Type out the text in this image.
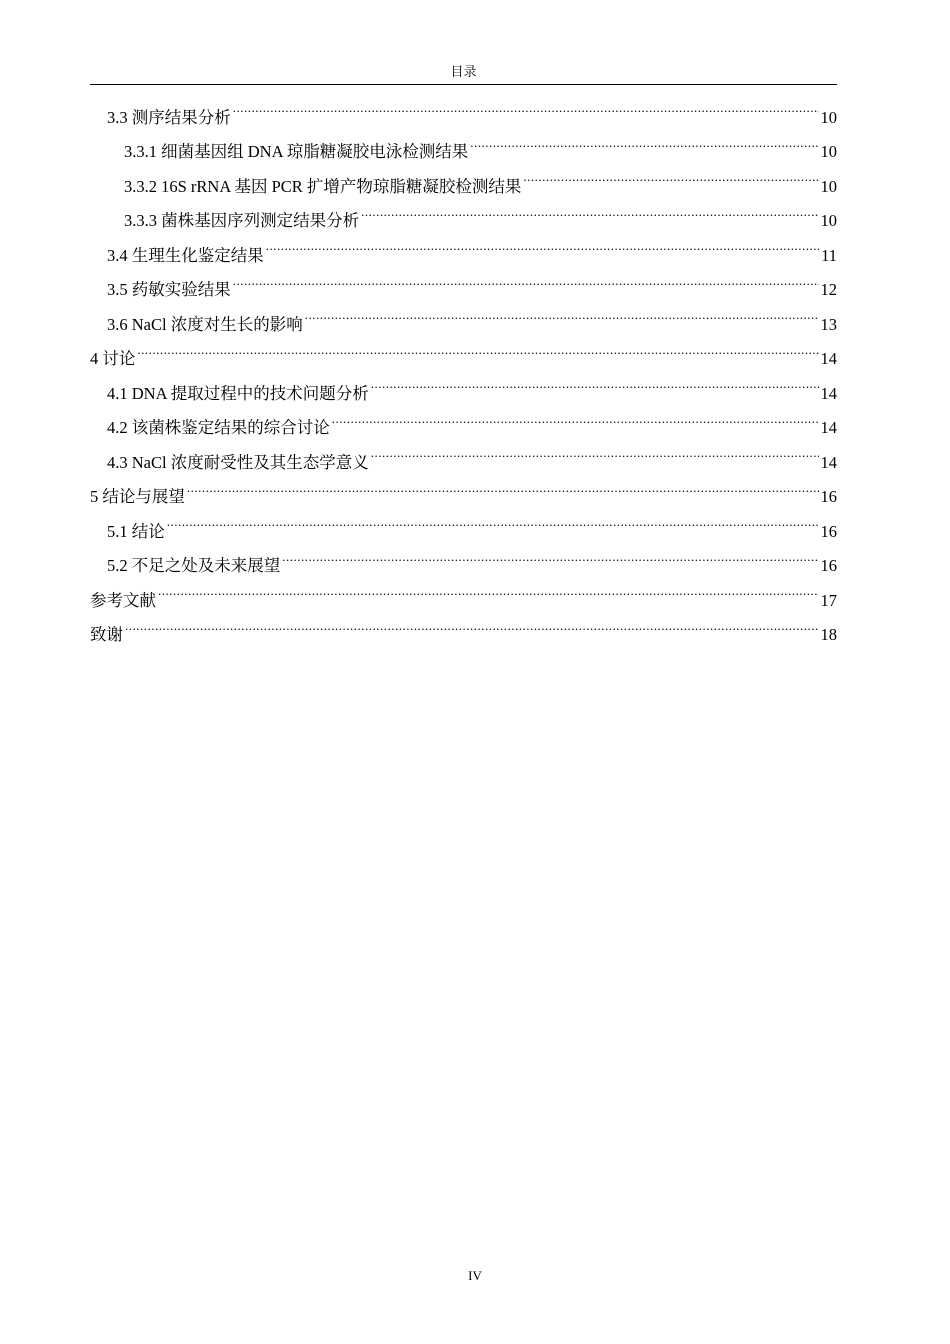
目录
3.3 测序结果分析 .....	10
3.3.1 细菌基因组 DNA 琼脂糖凝胶电泳检测结果 .....	10
3.3.2 16S rRNA 基因 PCR 扩增产物琼脂糖凝胶检测结果 .....	10
3.3.3 菌株基因序列测定结果分析 .....	10
3.4 生理生化鉴定结果 .....	11
3.5 药敏实验结果 .....	12
3.6 NaCl 浓度对生长的影响 .....	13
4 讨论 .....	14
4.1 DNA 提取过程中的技术问题分析 .....	14
4.2 该菌株鉴定结果的综合讨论 .....	14
4.3 NaCl 浓度耐受性及其生态学意义 .....	14
5 结论与展望 .....	16
5.1 结论 .....	16
5.2 不足之处及未来展望 .....	16
参考文献 .....	17
致谢 .....	18
IV
